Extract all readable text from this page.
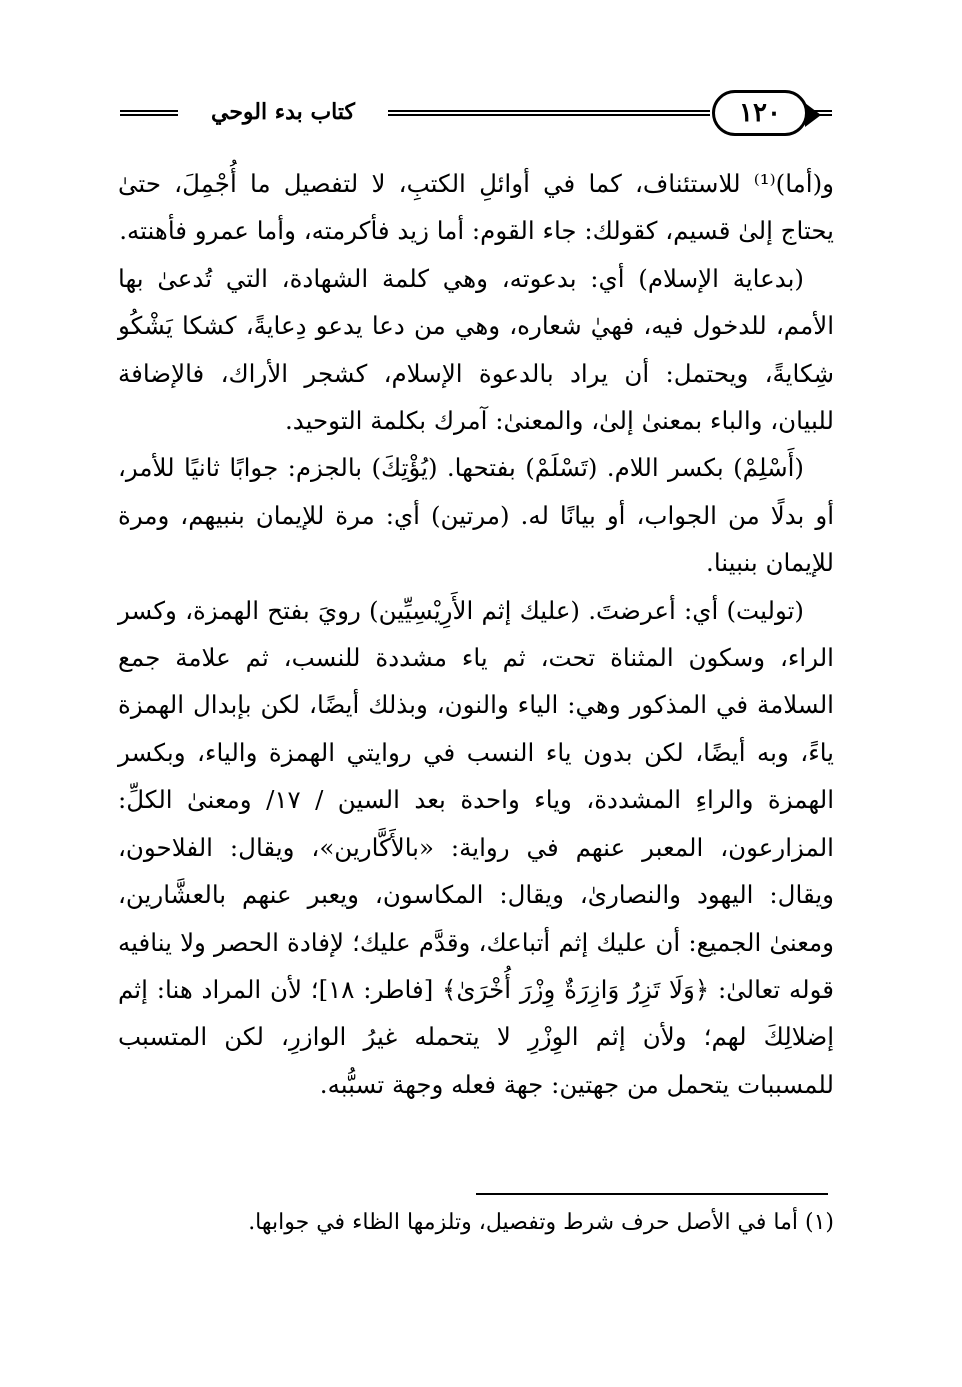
كتاب بدء الوحي	١٢٠

و(أما)⁽¹⁾ للاستئناف، كما في أوائلِ الكتبِ، لا لتفصيل ما أُجْمِلَ، حتىٰ يحتاج إلىٰ قسيم، كقولك: جاء القوم: أما زيد فأكرمته، وأما عمرو فأهنته.

(بدعاية الإسلام) أي: بدعوته، وهي كلمة الشهادة، التي تُدعىٰ بها الأمم، للدخول فيه، فهيٰ شعاره، وهي من دعا يدعو دِعايةً، كشكا يَشْكُو شِكايةً، ويحتمل: أن يراد بالدعوة الإسلام، كشجر الأراك، فالإضافة للبيان، والباء بمعنىٰ إلىٰ، والمعنىٰ: آمرك بكلمة التوحيد.

(أَسْلِمْ) بكسر اللام. (تَسْلَمْ) بفتحها. (يُؤْتِكَ) بالجزم: جوابًا ثانيًا للأمر، أو بدلًا من الجواب، أو بيانًا له. (مرتين) أي: مرة للإيمان بنبيهم، ومرة للإيمان بنبينا.

(توليت) أي: أعرضتَ. (عليك إثم الأَرِيْسِيِّين) رويَ بفتح الهمزة، وكسر الراء، وسكون المثناة تحت، ثم ياء مشددة للنسب، ثم علامة جمع السلامة في المذكور وهي: الياء والنون، وبذلك أيضًا، لكن بإبدال الهمزة ياءً، وبه أيضًا، لكن بدون ياء النسب في روايتي الهمزة والياء، وبكسر الهمزة والراءِ المشددة، وياء واحدة بعد السين / ١٧/ ومعنىٰ الكلِّ: المزارعون، المعبر عنهم في رواية: «بالأَكَّارين»، ويقال: الفلاحون، ويقال: اليهود والنصارىٰ، ويقال: المكاسون، ويعبر عنهم بالعشَّارين، ومعنىٰ الجميع: أن عليك إثم أتباعك، وقدَّم عليك؛ لإفادة الحصر ولا ينافيه قوله تعالىٰ: ﴿وَلَا تَزِرُ وَازِرَةٌ وِزْرَ أُخْرَىٰ﴾ [فاطر: ١٨]؛ لأن المراد هنا: إثم إضلالِكَ لهم؛ ولأن إثم الوِزْرِ لا يتحمله غيرُ الوازرِ، لكن المتسبب للمسببات يتحمل من جهتين: جهة فعله وجهة تسبُّبه.

(١) أما في الأصل حرف شرط وتفصيل، وتلزمها الظاء في جوابها.
